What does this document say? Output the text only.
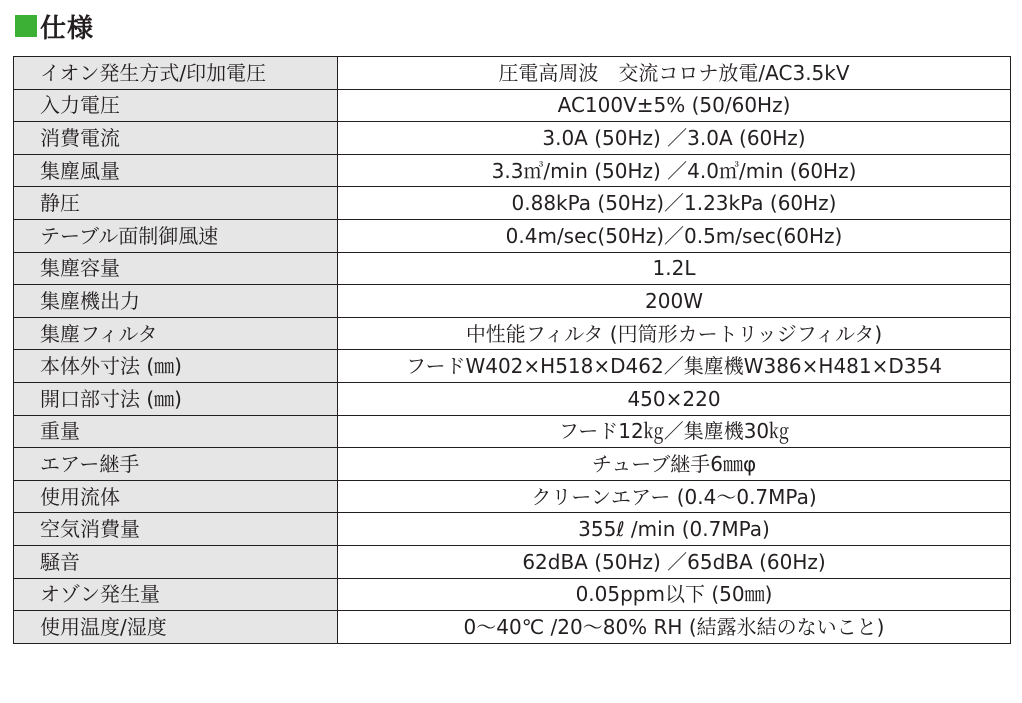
仕様
イオン発生方式/印加電圧	圧電高周波　交流コロナ放電/AC3.5kV
入力電圧	AC100V±5% (50/60Hz)
消費電流	3.0A (50Hz) ／3.0A (60Hz)
集塵風量	3.3㎥/min (50Hz) ／4.0㎥/min (60Hz)
静圧	0.88kPa (50Hz)／1.23kPa (60Hz)
テーブル面制御風速	0.4m/sec(50Hz)／0.5m/sec(60Hz)
集塵容量	1.2L
集塵機出力	200W
集塵フィルタ	中性能フィルタ (円筒形カートリッジフィルタ)
本体外寸法 (㎜)	フードW402×H518×D462／集塵機W386×H481×D354
開口部寸法 (㎜)	450×220
重量	フード12㎏／集塵機30㎏
エアー継手	チューブ継手6㎜φ
使用流体	クリーンエアー (0.4～0.7MPa)
空気消費量	355ℓ /min (0.7MPa)
騒音	62dBA (50Hz) ／65dBA (60Hz)
オゾン発生量	0.05ppm以下 (50㎜)
使用温度/湿度	0～40℃ /20～80% RH (結露氷結のないこと)
